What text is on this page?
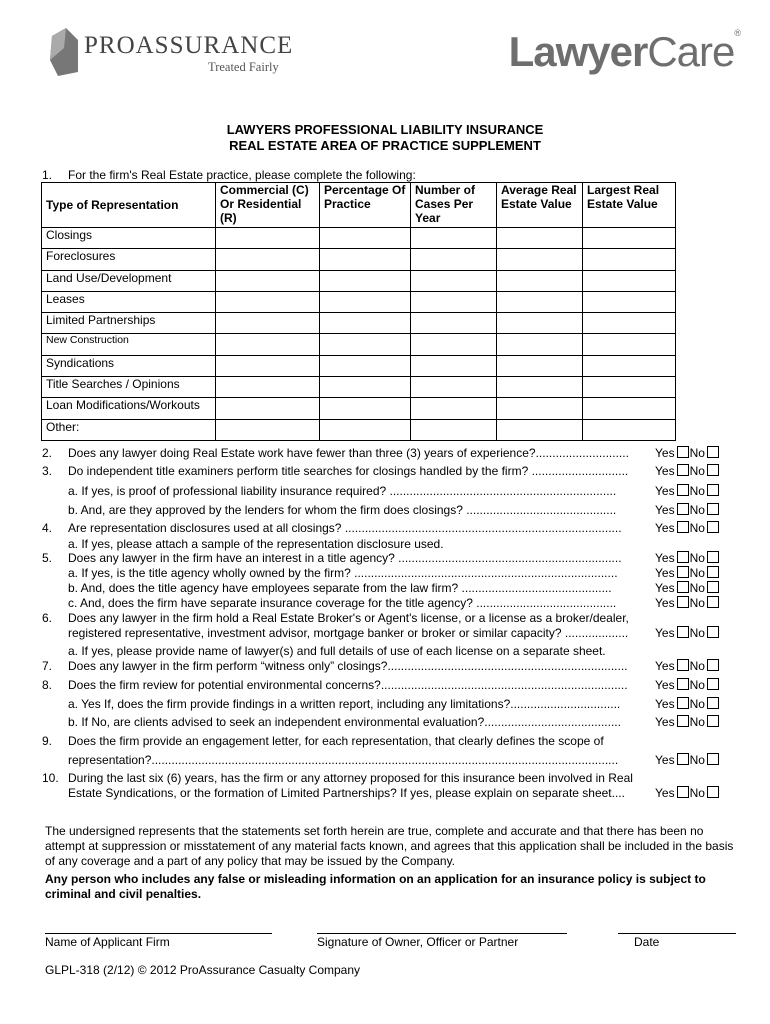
PROASSURANCE
Treated Fairly	LawyerCare®
LAWYERS PROFESSIONAL LIABILITY INSURANCE
REAL ESTATE AREA OF PRACTICE SUPPLEMENT
1. For the firm's Real Estate practice, please complete the following:
Type of Representation	Commercial (C) Or Residential (R)	Percentage Of Practice	Number of Cases Per Year	Average Real Estate Value	Largest Real Estate Value
Closings					
Foreclosures					
Land Use/Development					
Leases					
Limited Partnerships					
New Construction					
Syndications					
Title Searches / Opinions					
Loan Modifications/Workouts					
Other:					
2. Does any lawyer doing Real Estate work have fewer than three (3) years of experience?............................	Yes No
3. Do independent title examiners perform title searches for closings handled by the firm? .............................	Yes No
a. If yes, is proof of professional liability insurance required? ....................................................................	Yes No
b. And, are they approved by the lenders for whom the firm does closings? .............................................	Yes No
4. Are representation disclosures used at all closings? ...................................................................................	Yes No
a. If yes, please attach a sample of the representation disclosure used.
5. Does any lawyer in the firm have an interest in a title agency? ...................................................................	Yes No
a. If yes, is the title agency wholly owned by the firm? ...............................................................................	Yes No
b. And, does the title agency have employees separate from the law firm? .............................................	Yes No
c. And, does the firm have separate insurance coverage for the title agency? ..........................................	Yes No
6. Does any lawyer in the firm hold a Real Estate Broker's or Agent's license, or a license as a broker/dealer,
registered representative, investment advisor, mortgage banker or broker or similar capacity? ...................	Yes No
a. If yes, please provide name of lawyer(s) and full details of use of each license on a separate sheet.
7. Does any lawyer in the firm perform “witness only” closings?........................................................................	Yes No
8. Does the firm review for potential environmental concerns?..........................................................................	Yes No
a. Yes If, does the firm provide findings in a written report, including any limitations?.................................	Yes No
b. If No, are clients advised to seek an independent environmental evaluation?.........................................	Yes No
9. Does the firm provide an engagement letter, for each representation, that clearly defines the scope of
representation?............................................................................................................................................	Yes No
10. During the last six (6) years, has the firm or any attorney proposed for this insurance been involved in Real
Estate Syndications, or the formation of Limited Partnerships? If yes, please explain on separate sheet....	Yes No
The undersigned represents that the statements set forth herein are true, complete and accurate and that there has been no attempt at suppression or misstatement of any material facts known, and agrees that this application shall be included in the basis of any coverage and a part of any policy that may be issued by the Company.
Any person who includes any false or misleading information on an application for an insurance policy is subject to criminal and civil penalties.
Name of Applicant Firm	Signature of Owner, Officer or Partner	Date
GLPL-318 (2/12) © 2012 ProAssurance Casualty Company
